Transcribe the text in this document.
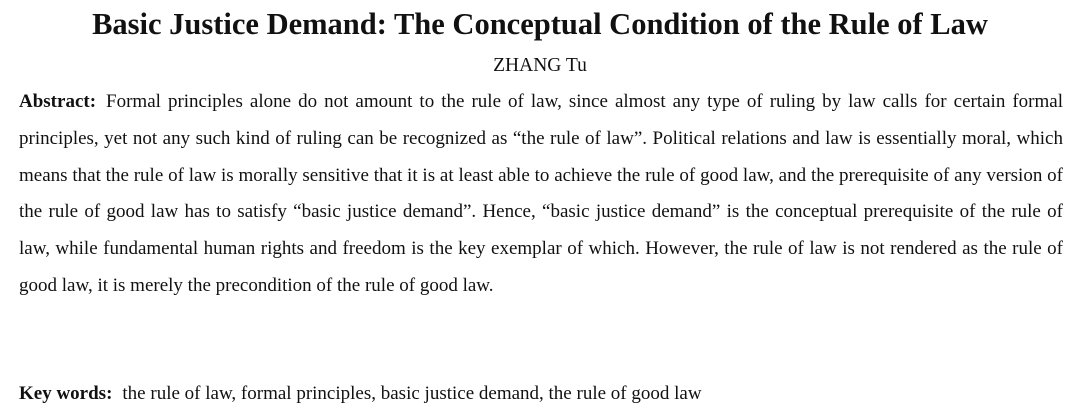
Basic Justice Demand: The Conceptual Condition of the Rule of Law
ZHANG Tu

Abstract: Formal principles alone do not amount to the rule of law, since almost any type of ruling by law calls for certain formal principles, yet not any such kind of ruling can be recognized as “the rule of law”. Political relations and law is essentially moral, which means that the rule of law is morally sensitive that it is at least able to achieve the rule of good law, and the prerequisite of any version of the rule of good law has to satisfy “basic justice demand”. Hence, “basic justice demand” is the conceptual prerequisite of the rule of law, while fundamental human rights and freedom is the key exemplar of which. However, the rule of law is not rendered as the rule of good law, it is merely the precondition of the rule of good law.

Key words: the rule of law, formal principles, basic justice demand, the rule of good law
